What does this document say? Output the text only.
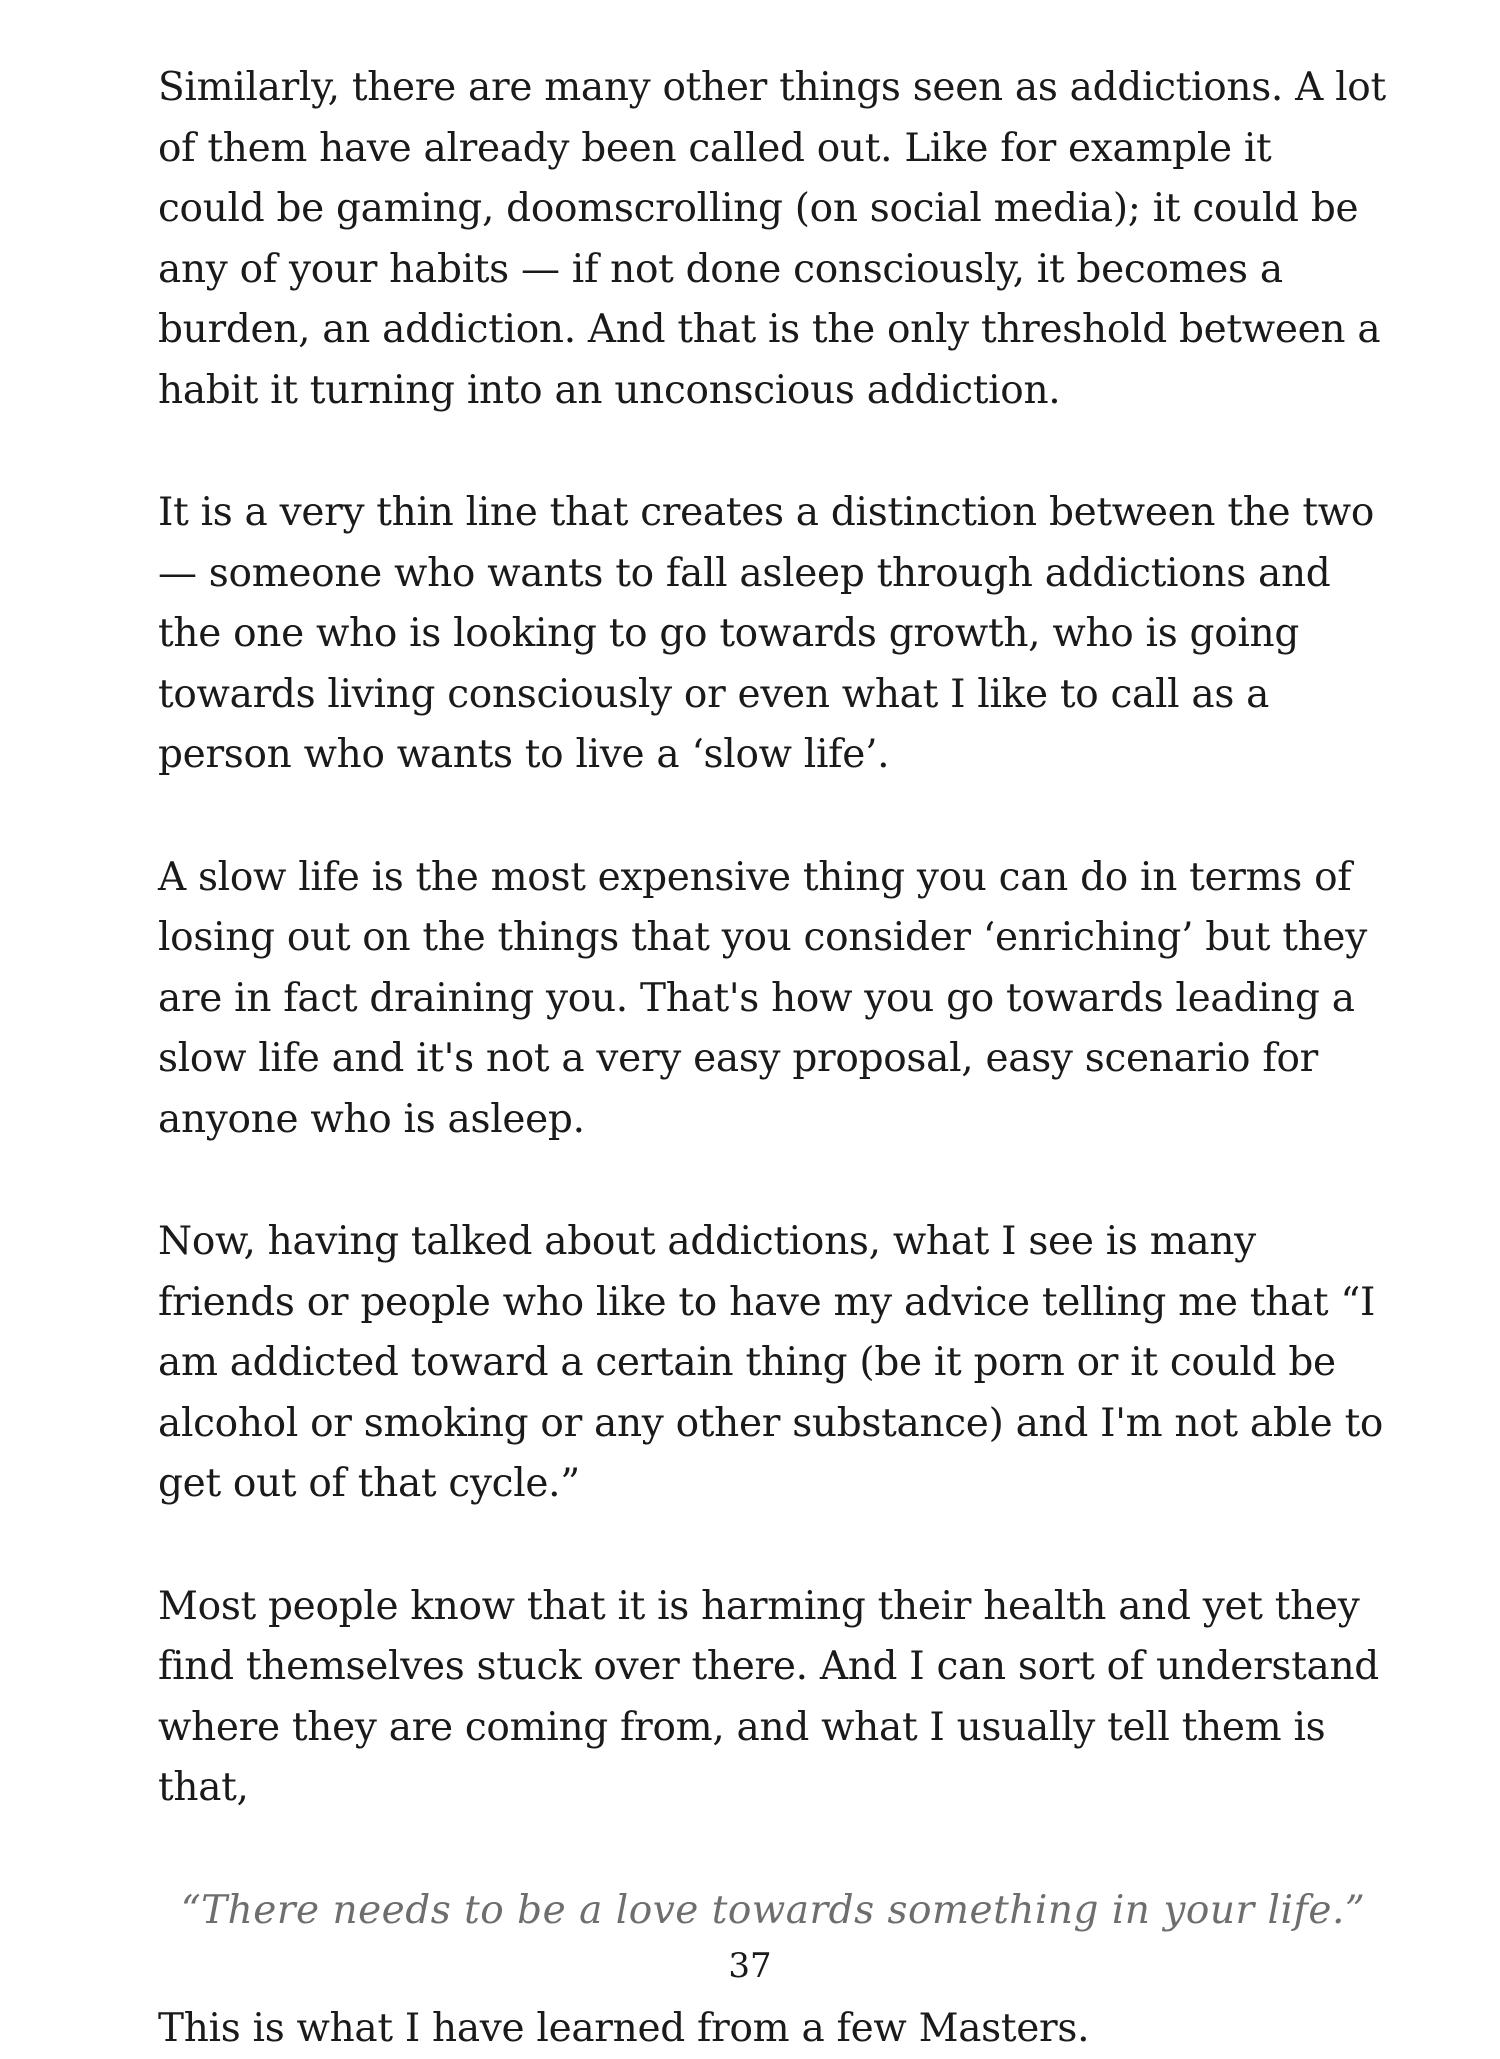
Similarly, there are many other things seen as addictions. A lot of them have already been called out. Like for example it could be gaming, doomscrolling (on social media); it could be any of your habits — if not done consciously, it becomes a burden, an addiction. And that is the only threshold between a habit it turning into an unconscious addiction.

It is a very thin line that creates a distinction between the two — someone who wants to fall asleep through addictions and the one who is looking to go towards growth, who is going towards living consciously or even what I like to call as a person who wants to live a ‘slow life’.

A slow life is the most expensive thing you can do in terms of losing out on the things that you consider ‘enriching’ but they are in fact draining you. That's how you go towards leading a slow life and it's not a very easy proposal, easy scenario for anyone who is asleep.

Now, having talked about addictions, what I see is many friends or people who like to have my advice telling me that “I am addicted toward a certain thing (be it porn or it could be alcohol or smoking or any other substance) and I'm not able to get out of that cycle.”

Most people know that it is harming their health and yet they find themselves stuck over there. And I can sort of understand where they are coming from, and what I usually tell them is that,

“There needs to be a love towards something in your life.”

This is what I have learned from a few Masters.

37
